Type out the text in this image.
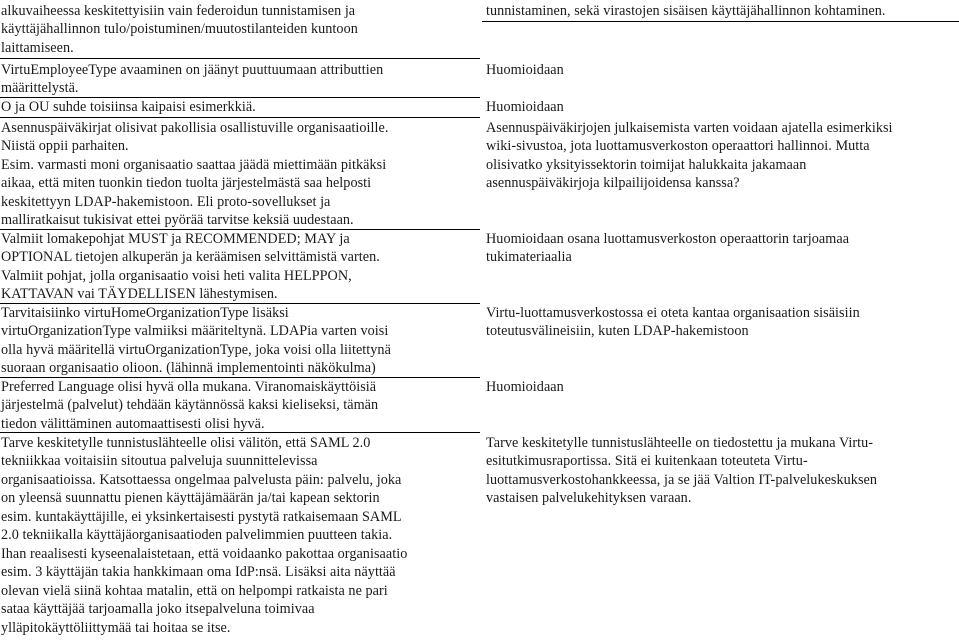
alkuvaiheessa keskitettyisiin vain federoidun tunnistamisen ja
käyttäjähallinnon tulo/poistuminen/muutostilanteiden kuntoon
laittamiseen.
tunnistaminen, sekä virastojen sisäisen käyttäjähallinnon kohtaminen.
VirtuEmployeeType avaaminen on jäänyt puuttuumaan attributtien
määrittelystä.
Huomioidaan
O ja OU suhde toisiinsa kaipaisi esimerkkiä.	Huomioidaan
Asennuspäiväkirjat olisivat pakollisia osallistuville organisaatioille.
Niistä oppii parhaiten.
Esim. varmasti moni organisaatio saattaa jäädä miettimään pitkäksi
aikaa, että miten tuonkin tiedon tuolta järjestelmästä saa helposti
keskitettyyn LDAP-hakemistoon. Eli proto-sovellukset ja
malliratkaisut tukisivat ettei pyörää tarvitse keksiä uudestaan.
Asennuspäiväkirjojen julkaisemista varten voidaan ajatella esimerkiksi
wiki-sivustoa, jota luottamusverkoston operaattori hallinnoi. Mutta
olisivatko yksityissektorin toimijat halukkaita jakamaan
asennuspäiväkirjoja kilpailijoidensa kanssa?
Valmiit lomakepohjat MUST ja RECOMMENDED; MAY ja
OPTIONAL tietojen alkuperän ja keräämisen selvittämistä varten.
Valmiit pohjat, jolla organisaatio voisi heti valita HELPPON,
KATTAVAN vai TÄYDELLISEN lähestymisen.
Huomioidaan osana luottamusverkoston operaattorin tarjoamaa
tukimateriaalia
Tarvitaisiinko virtuHomeOrganizationType lisäksi
virtuOrganizationType valmiiksi määriteltynä. LDAPia varten voisi
olla hyvä määritellä virtuOrganizationType, joka voisi olla liitettynä
suoraan organisaatio olioon. (lähinnä implementointi näkökulma)
Virtu-luottamusverkostossa ei oteta kantaa organisaation sisäisiin
toteutusvälineisiin, kuten LDAP-hakemistoon
Preferred Language olisi hyvä olla mukana. Viranomaiskäyttöisiä
järjestelmä (palvelut) tehdään käytännössä kaksi kieliseksi, tämän
tiedon välittäminen automaattisesti olisi hyvä.
Huomioidaan
Tarve keskitetylle tunnistuslähteelle olisi välitön, että SAML 2.0
tekniikkaa voitaisiin sitoutua palveluja suunnittelevissa
organisaatioissa. Katsottaessa ongelmaa palvelusta päin: palvelu, joka
on yleensä suunnattu pienen käyttäjämäärän ja/tai kapean sektorin
esim. kuntakäyttäjille, ei yksinkertaisesti pystytä ratkaisemaan SAML
2.0 tekniikalla käyttäjäorganisaatioden palvelimmien puutteen takia.
Ihan reaalisesti kyseenalaistetaan, että voidaanko pakottaa organisaatio
esim. 3 käyttäjän takia hankkimaan oma IdP:nsä. Lisäksi aita näyttää
olevan vielä siinä kohtaa matalin, että on helpompi ratkaista ne pari
sataa käyttäjää tarjoamalla joko itsepalveluna toimivaa
ylläpitokäyttöliittymää tai hoitaa se itse.
Tarve keskitetylle tunnistuslähteelle on tiedostettu ja mukana Virtu-
esitutkimusraportissa. Sitä ei kuitenkaan toteuteta Virtu-
luottamusverkostohankkeessa, ja se jää Valtion IT-palvelukeskuksen
vastaisen palvelukehityksen varaan.
